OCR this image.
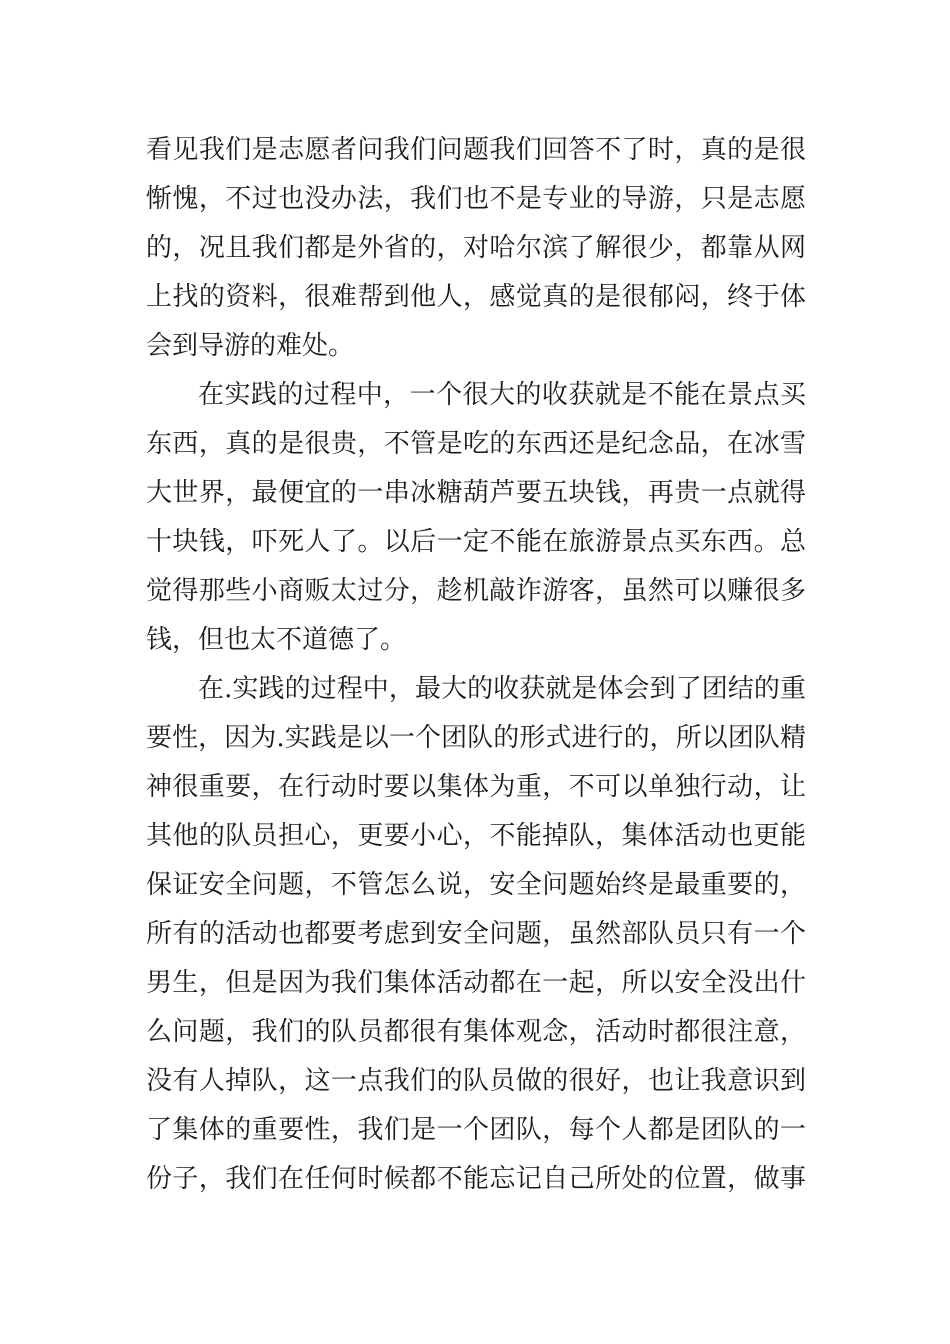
看见我们是志愿者问我们问题我们回答不了时，真的是很
惭愧，不过也没办法，我们也不是专业的导游，只是志愿
的，况且我们都是外省的，对哈尔滨了解很少，都靠从网
上找的资料，很难帮到他人，感觉真的是很郁闷，终于体
会到导游的难处。
在实践的过程中，一个很大的收获就是不能在景点买
东西，真的是很贵，不管是吃的东西还是纪念品，在冰雪
大世界，最便宜的一串冰糖葫芦要五块钱，再贵一点就得
十块钱，吓死人了。以后一定不能在旅游景点买东西。总
觉得那些小商贩太过分，趁机敲诈游客，虽然可以赚很多
钱，但也太不道德了。
在.实践的过程中，最大的收获就是体会到了团结的重
要性，因为.实践是以一个团队的形式进行的，所以团队精
神很重要，在行动时要以集体为重，不可以单独行动，让
其他的队员担心，更要小心，不能掉队，集体活动也更能
保证安全问题，不管怎么说，安全问题始终是最重要的，
所有的活动也都要考虑到安全问题，虽然部队员只有一个
男生，但是因为我们集体活动都在一起，所以安全没出什
么问题，我们的队员都很有集体观念，活动时都很注意，
没有人掉队，这一点我们的队员做的很好，也让我意识到
了集体的重要性，我们是一个团队，每个人都是团队的一
份子，我们在任何时候都不能忘记自己所处的位置，做事
